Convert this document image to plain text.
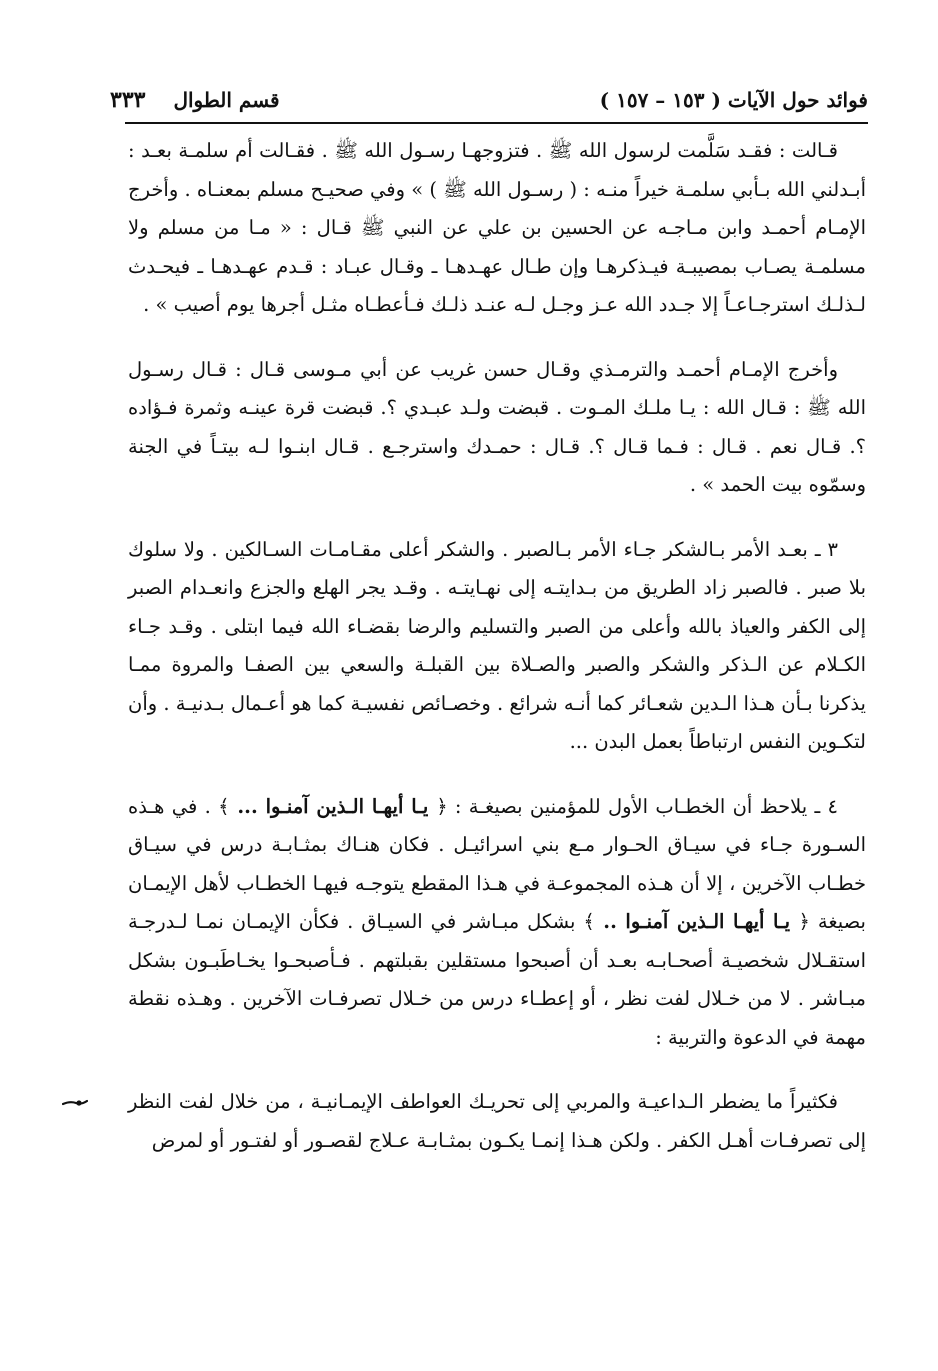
فوائد حول الآيات ( ١٥٣ – ١٥٧ )
قسم الطوال
٣٣٣

قـالت : فقـد سَلَّمت لرسول الله ﷺ . فتزوجهـا رسـول الله ﷺ . فقـالت أم سلمـة بعـد : أبـدلني الله بـأبي سلمـة خيراً منـه : ( رسـول الله ﷺ ) » وفي صحيـح مسلم بمعنـاه . وأخرج الإمـام أحمـد وابن مـاجـه عن الحسين بن علي عن النبي ﷺ قـال : « مـا من مسلم ولا مسلمـة يصـاب بمصيبـة فيـذكرهـا وإن طـال عهـدهـا ـ وقـال عبـاد : قـدم عهـدهـا ـ فيحـدث لـذلـك استرجـاعـاً إلا جـدد الله عـز وجـل لـه عنـد ذلـك فـأعطـاه مثـل أجرها يوم أصيب » .

وأخرج الإمـام أحمـد والترمـذي وقـال حسن غريب عن أبي مـوسى قـال : قـال رسـول الله ﷺ : قـال الله : يـا ملـك المـوت . قبضت ولـد عبـدي ؟. قبضت قرة عينـه وثمرة فـؤاده ؟. قـال نعم . قـال : فـما قـال ؟. قـال : حمـدك واسترجـع . قـال ابنـوا لـه بيتـاً في الجنة وسمّوه بيت الحمد » .

٣ ـ بعـد الأمر بـالشكر جـاء الأمر بـالصبر . والشكر أعلى مقـامـات السـالكين . ولا سلوك بلا صبر . فالصبر زاد الطريق من بـدايتـه إلى نهـايتـه . وقـد يجر الهلع والجزع وانعـدام الصبر إلى الكفر والعياذ بالله وأعلى من الصبر والتسليم والرضا بقضـاء الله فيما ابتلى . وقـد جـاء الكـلام عن الـذكر والشكر والصبر والصـلاة بين القبلـة والسعي بين الصفـا والمروة ممـا يذكرنا بـأن هـذا الـدين شعـائر كما أنـه شرائع . وخصـائص نفسيـة كما هو أعـمال بـدنيـة . وأن لتكـوين النفس ارتباطاً بعمل البدن ...

٤ ـ يلاحظ أن الخطـاب الأول للمؤمنين بصيغـة : ﴿ يـا أيهـا الـذين آمنـوا ... ﴾ . في هـذه السـورة جـاء في سيـاق الحـوار مـع بني اسرائيـل . فكان هنـاك بمثـابـة درس في سيـاق خطـاب الآخرين ، إلا أن هـذه المجموعـة في هـذا المقطع يتوجـه فيهـا الخطـاب لأهل الإيمـان بصيغة ﴿ يـا أيهـا الـذين آمنـوا .. ﴾ بشكل مبـاشر في السيـاق . فكأن الإيمـان نمـا لـدرجـة استقـلال شخصيـة أصحـابـه بعـد أن أصبحوا مستقلين بقبلتهم . فـأصبحـوا يخـاطَبـون بشكل مبـاشر . لا من خـلال لفت نظر ، أو إعطـاء درس من خـلال تصرفـات الآخرين . وهـذه نقطة مهمة في الدعوة والتربية :

فكثيراً ما يضطر الـداعيـة والمربي إلى تحريـك العواطف الإيمـانيـة ، من خلال لفت النظر إلى تصرفـات أهـل الكفر . ولكن هـذا إنمـا يكـون بمثـابـة عـلاج لقصـور أو لفتـور أو لمرض
